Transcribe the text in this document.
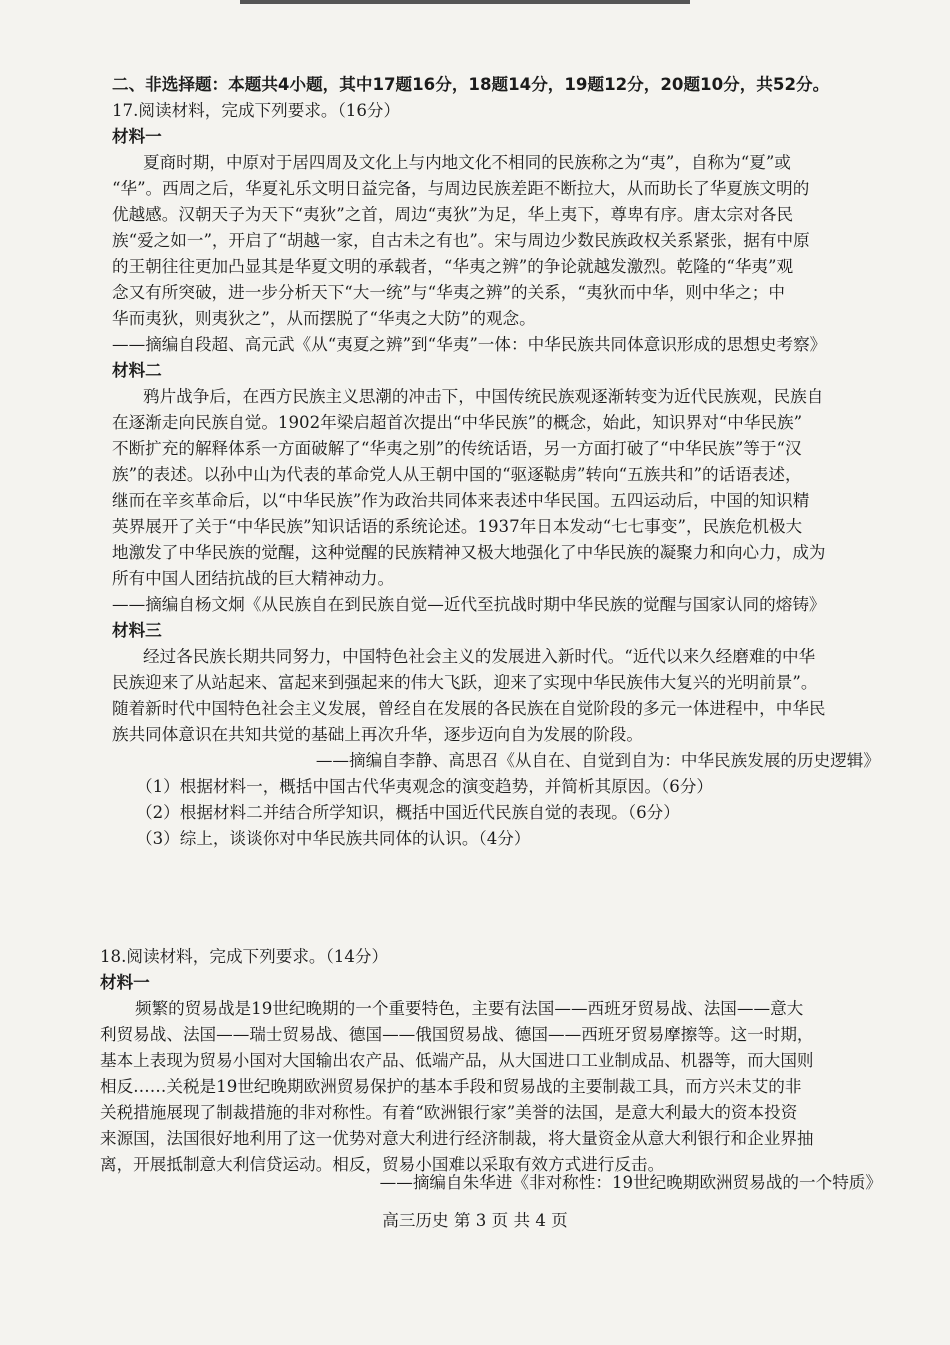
二、非选择题：本题共4小题，其中17题16分，18题14分，19题12分，20题10分，共52分。
17.阅读材料，完成下列要求。（16分）
材料一
夏商时期，中原对于居四周及文化上与内地文化不相同的民族称之为“夷”，自称为“夏”或
“华”。西周之后，华夏礼乐文明日益完备，与周边民族差距不断拉大，从而助长了华夏族文明的
优越感。汉朝天子为天下“夷狄”之首，周边“夷狄”为足，华上夷下，尊卑有序。唐太宗对各民
族“爱之如一”，开启了“胡越一家，自古未之有也”。宋与周边少数民族政权关系紧张，据有中原
的王朝往往更加凸显其是华夏文明的承载者，“华夷之辨”的争论就越发激烈。乾隆的“华夷”观
念又有所突破，进一步分析天下“大一统”与“华夷之辨”的关系，“夷狄而中华，则中华之；中
华而夷狄，则夷狄之”，从而摆脱了“华夷之大防”的观念。
——摘编自段超、高元武《从“夷夏之辨”到“华夷”一体：中华民族共同体意识形成的思想史考察》
材料二
鸦片战争后，在西方民族主义思潮的冲击下，中国传统民族观逐渐转变为近代民族观，民族自
在逐渐走向民族自觉。1902年梁启超首次提出“中华民族”的概念，始此，知识界对“中华民族”
不断扩充的解释体系一方面破解了“华夷之别”的传统话语，另一方面打破了“中华民族”等于“汉
族”的表述。以孙中山为代表的革命党人从王朝中国的“驱逐鞑虏”转向“五族共和”的话语表述，
继而在辛亥革命后，以“中华民族”作为政治共同体来表述中华民国。五四运动后，中国的知识精
英界展开了关于“中华民族”知识话语的系统论述。1937年日本发动“七七事变”，民族危机极大
地激发了中华民族的觉醒，这种觉醒的民族精神又极大地强化了中华民族的凝聚力和向心力，成为
所有中国人团结抗战的巨大精神动力。
——摘编自杨文炯《从民族自在到民族自觉—近代至抗战时期中华民族的觉醒与国家认同的熔铸》
材料三
经过各民族长期共同努力，中国特色社会主义的发展进入新时代。“近代以来久经磨难的中华
民族迎来了从站起来、富起来到强起来的伟大飞跃，迎来了实现中华民族伟大复兴的光明前景”。
随着新时代中国特色社会主义发展，曾经自在发展的各民族在自觉阶段的多元一体进程中，中华民
族共同体意识在共知共觉的基础上再次升华，逐步迈向自为发展的阶段。
——摘编自李静、高思召《从自在、自觉到自为：中华民族发展的历史逻辑》
（1）根据材料一，概括中国古代华夷观念的演变趋势，并简析其原因。（6分）
（2）根据材料二并结合所学知识，概括中国近代民族自觉的表现。（6分）
（3）综上，谈谈你对中华民族共同体的认识。（4分）
18.阅读材料，完成下列要求。（14分）
材料一
频繁的贸易战是19世纪晚期的一个重要特色，主要有法国——西班牙贸易战、法国——意大
利贸易战、法国——瑞士贸易战、德国——俄国贸易战、德国——西班牙贸易摩擦等。这一时期，
基本上表现为贸易小国对大国输出农产品、低端产品，从大国进口工业制成品、机器等，而大国则
相反……关税是19世纪晚期欧洲贸易保护的基本手段和贸易战的主要制裁工具，而方兴未艾的非
关税措施展现了制裁措施的非对称性。有着“欧洲银行家”美誉的法国，是意大利最大的资本投资
来源国，法国很好地利用了这一优势对意大利进行经济制裁，将大量资金从意大利银行和企业界抽
离，开展抵制意大利信贷运动。相反，贸易小国难以采取有效方式进行反击。
——摘编自朱华进《非对称性：19世纪晚期欧洲贸易战的一个特质》
高三历史 第 3 页 共 4 页
